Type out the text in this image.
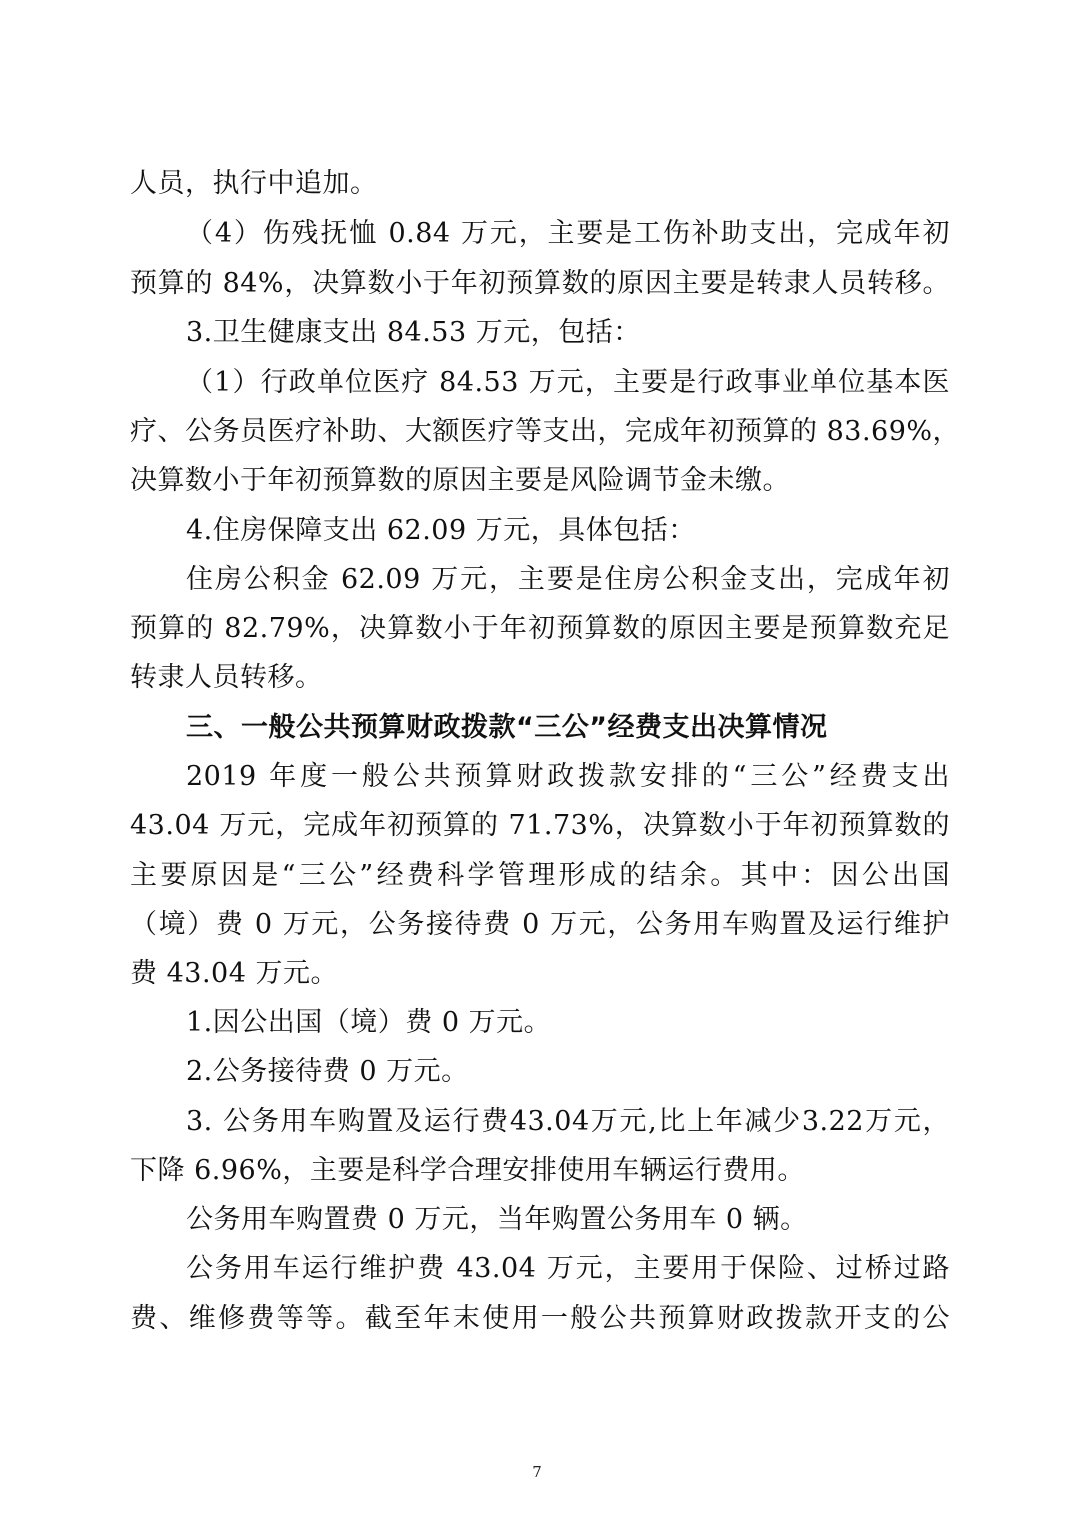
人员，执行中追加。
（4）伤残抚恤 0.84 万元，主要是工伤补助支出，完成年初
预算的 84%，决算数小于年初预算数的原因主要是转隶人员转移。
3.卫生健康支出 84.53 万元，包括：
（1）行政单位医疗 84.53 万元，主要是行政事业单位基本医
疗、公务员医疗补助、大额医疗等支出，完成年初预算的 83.69%，
决算数小于年初预算数的原因主要是风险调节金未缴。
4.住房保障支出 62.09 万元，具体包括：
住房公积金 62.09 万元，主要是住房公积金支出，完成年初
预算的 82.79%，决算数小于年初预算数的原因主要是预算数充足
转隶人员转移。
三、一般公共预算财政拨款“三公”经费支出决算情况
2019 年度一般公共预算财政拨款安排的“三公”经费支出
43.04 万元，完成年初预算的 71.73%，决算数小于年初预算数的
主要原因是“三公”经费科学管理形成的结余。其中：因公出国
（境）费 0 万元，公务接待费 0 万元，公务用车购置及运行维护
费 43.04 万元。
1.因公出国（境）费 0 万元。
2.公务接待费 0 万元。
3. 公务用车购置及运行费43.04万元,比上年减少3.22万元，
下降 6.96%，主要是科学合理安排使用车辆运行费用。
公务用车购置费 0 万元，当年购置公务用车 0 辆。
公务用车运行维护费 43.04 万元，主要用于保险、过桥过路
费、维修费等等。截至年末使用一般公共预算财政拨款开支的公
7
